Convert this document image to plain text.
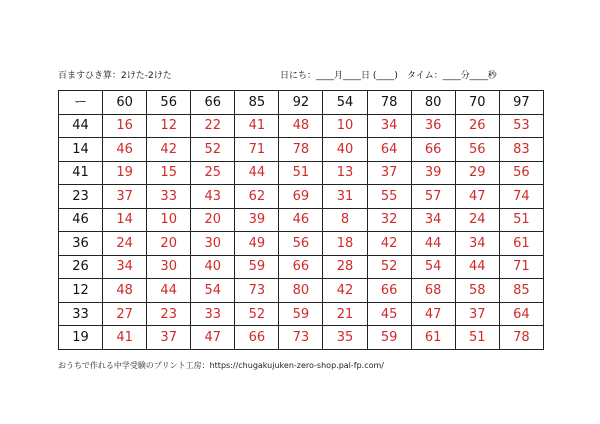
百ますひき算：2けた-2けた	日にち：____月____日 (____)　タイム：____分____秒
ー	60	56	66	85	92	54	78	80	70	97
44	16	12	22	41	48	10	34	36	26	53
14	46	42	52	71	78	40	64	66	56	83
41	19	15	25	44	51	13	37	39	29	56
23	37	33	43	62	69	31	55	57	47	74
46	14	10	20	39	46	8	32	34	24	51
36	24	20	30	49	56	18	42	44	34	61
26	34	30	40	59	66	28	52	54	44	71
12	48	44	54	73	80	42	66	68	58	85
33	27	23	33	52	59	21	45	47	37	64
19	41	37	47	66	73	35	59	61	51	78
おうちで作れる中学受験のプリント工房：https://chugakujuken-zero-shop.pal-fp.com/
